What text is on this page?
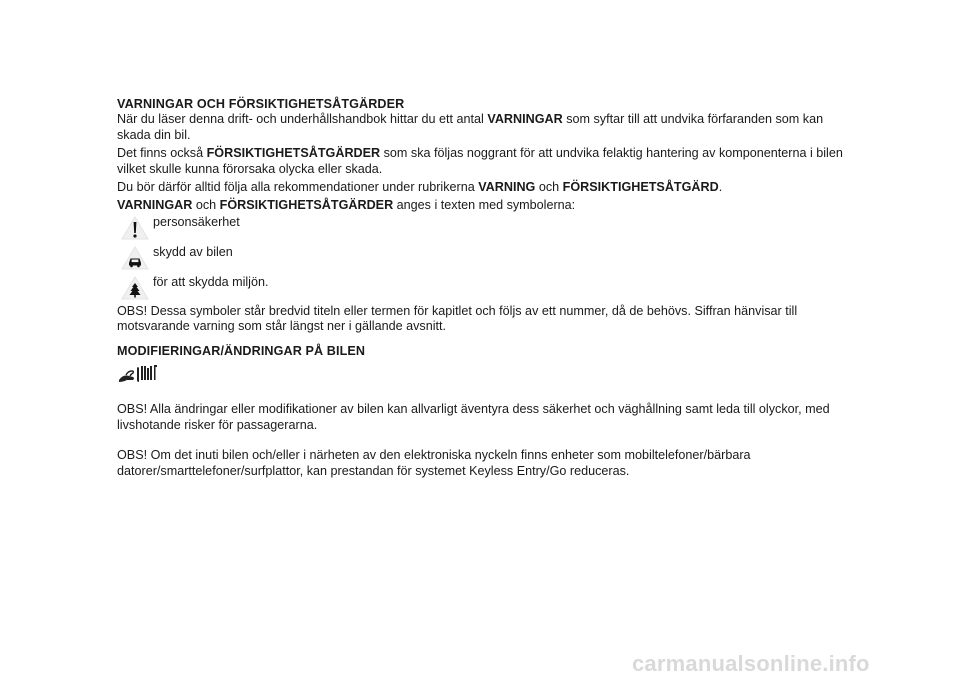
VARNINGAR OCH FÖRSIKTIGHETSÅTGÄRDER

När du läser denna drift- och underhållshandbok hittar du ett antal VARNINGAR som syftar till att undvika förfaranden som kan skada din bil.

Det finns också FÖRSIKTIGHETSÅTGÄRDER som ska följas noggrant för att undvika felaktig hantering av komponenterna i bilen vilket skulle kunna förorsaka olycka eller skada.

Du bör därför alltid följa alla rekommendationer under rubrikerna VARNING och FÖRSIKTIGHETSÅTGÄRD.

VARNINGAR och FÖRSIKTIGHETSÅTGÄRDER anges i texten med symbolerna:

personsäkerhet
skydd av bilen
för att skydda miljön.

OBS! Dessa symboler står bredvid titeln eller termen för kapitlet och följs av ett nummer, då de behövs. Siffran hänvisar till motsvarande varning som står längst ner i gällande avsnitt.

MODIFIERINGAR/ÄNDRINGAR PÅ BILEN

OBS! Alla ändringar eller modifikationer av bilen kan allvarligt äventyra dess säkerhet och väghållning samt leda till olyckor, med livshotande risker för passagerarna.

OBS! Om det inuti bilen och/eller i närheten av den elektroniska nyckeln finns enheter som mobiltelefoner/bärbara datorer/smarttelefoner/surfplattor, kan prestandan för systemet Keyless Entry/Go reduceras.

carmanualsonline.info
